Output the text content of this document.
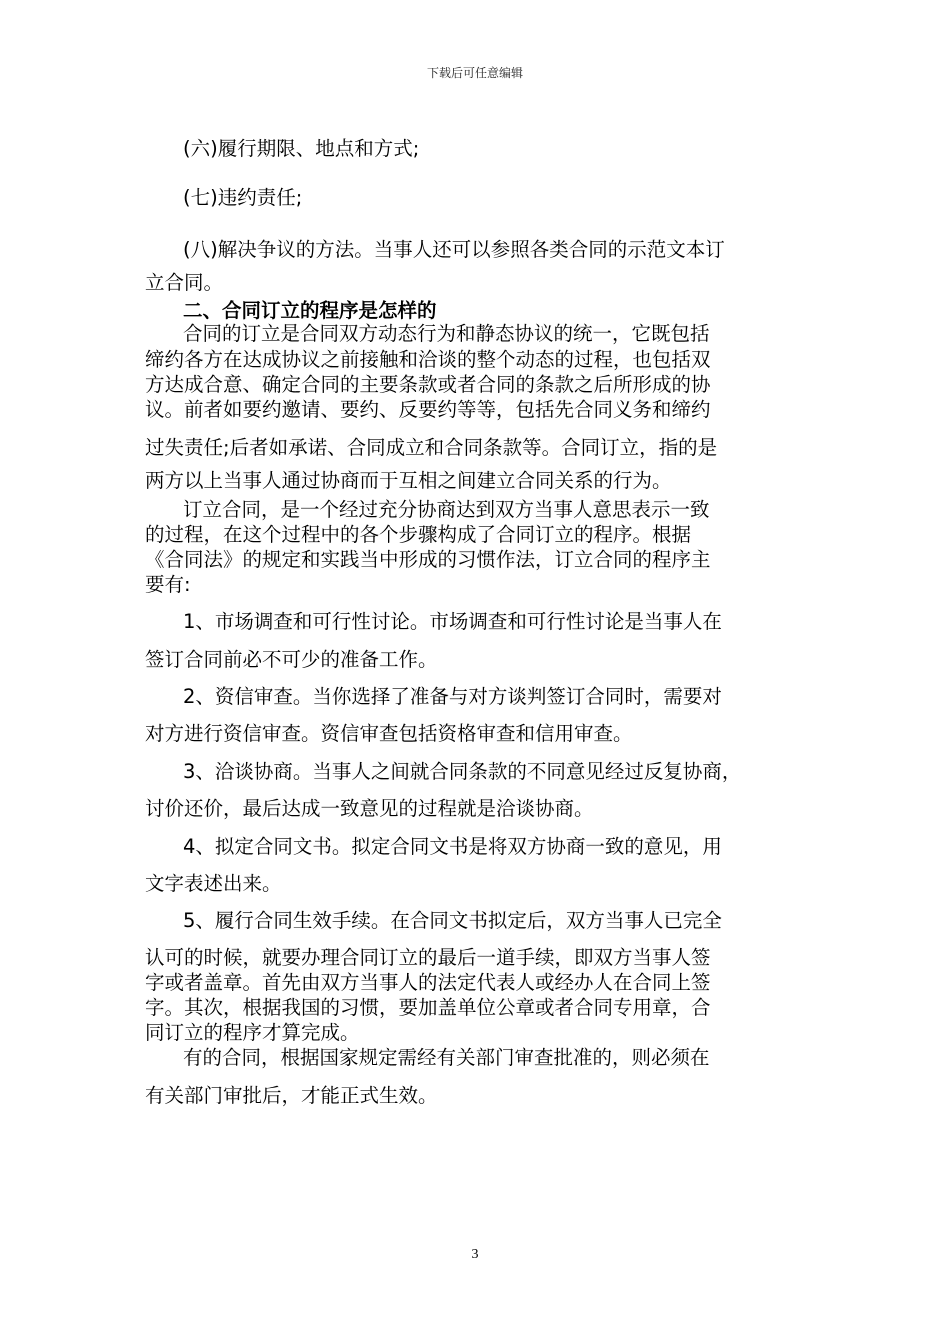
下载后可任意编辑
(六)履行期限、地点和方式;
(七)违约责任;
(八)解决争议的方法。当事人还可以参照各类合同的示范文本订
立合同。
二、合同订立的程序是怎样的
合同的订立是合同双方动态行为和静态协议的统一，它既包括
缔约各方在达成协议之前接触和洽谈的整个动态的过程，也包括双
方达成合意、确定合同的主要条款或者合同的条款之后所形成的协
议。前者如要约邀请、要约、反要约等等，包括先合同义务和缔约
过失责任;后者如承诺、合同成立和合同条款等。合同订立，指的是
两方以上当事人通过协商而于互相之间建立合同关系的行为。
订立合同，是一个经过充分协商达到双方当事人意思表示一致
的过程，在这个过程中的各个步骤构成了合同订立的程序。根据
《合同法》的规定和实践当中形成的习惯作法，订立合同的程序主
要有:
1、市场调查和可行性讨论。市场调查和可行性讨论是当事人在
签订合同前必不可少的准备工作。
2、资信审查。当你选择了准备与对方谈判签订合同时，需要对
对方进行资信审查。资信审查包括资格审查和信用审查。
3、洽谈协商。当事人之间就合同条款的不同意见经过反复协商，
讨价还价，最后达成一致意见的过程就是洽谈协商。
4、拟定合同文书。拟定合同文书是将双方协商一致的意见，用
文字表述出来。
5、履行合同生效手续。在合同文书拟定后，双方当事人已完全
认可的时候，就要办理合同订立的最后一道手续，即双方当事人签
字或者盖章。首先由双方当事人的法定代表人或经办人在合同上签
字。其次，根据我国的习惯，要加盖单位公章或者合同专用章，合
同订立的程序才算完成。
有的合同，根据国家规定需经有关部门审查批准的，则必须在
有关部门审批后，才能正式生效。
3
